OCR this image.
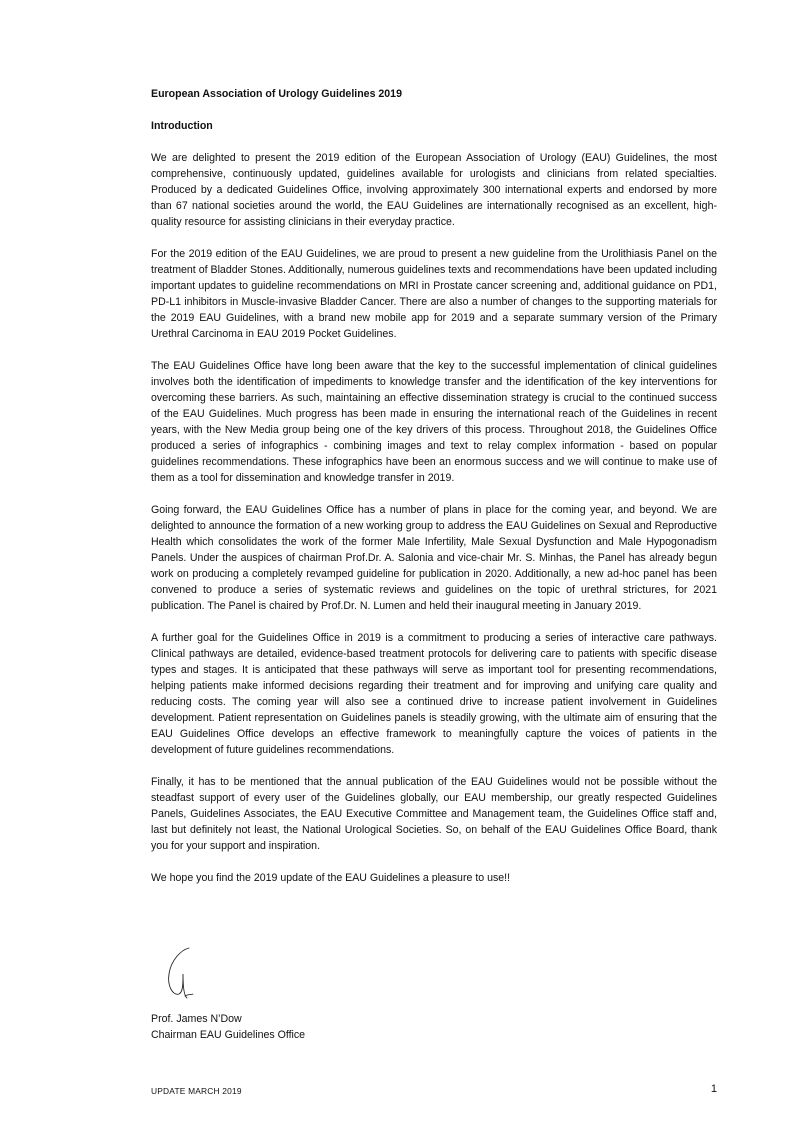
European Association of Urology Guidelines 2019
Introduction

We are delighted to present the 2019 edition of the European Association of Urology (EAU) Guidelines, the most comprehensive, continuously updated, guidelines available for urologists and clinicians from related specialties. Produced by a dedicated Guidelines Office, involving approximately 300 international experts and endorsed by more than 67 national societies around the world, the EAU Guidelines are internationally recognised as an excellent, high-quality resource for assisting clinicians in their everyday practice.

For the 2019 edition of the EAU Guidelines, we are proud to present a new guideline from the Urolithiasis Panel on the treatment of Bladder Stones. Additionally, numerous guidelines texts and recommendations have been updated including important updates to guideline recommendations on MRI in Prostate cancer screening and, additional guidance on PD1, PD-L1 inhibitors in Muscle-invasive Bladder Cancer. There are also a number of changes to the supporting materials for the 2019 EAU Guidelines, with a brand new mobile app for 2019 and a separate summary version of the Primary Urethral Carcinoma in EAU 2019 Pocket Guidelines.

The EAU Guidelines Office have long been aware that the key to the successful implementation of clinical guidelines involves both the identification of impediments to knowledge transfer and the identification of the key interventions for overcoming these barriers. As such, maintaining an effective dissemination strategy is crucial to the continued success of the EAU Guidelines. Much progress has been made in ensuring the international reach of the Guidelines in recent years, with the New Media group being one of the key drivers of this process. Throughout 2018, the Guidelines Office produced a series of infographics - combining images and text to relay complex information - based on popular guidelines recommendations. These infographics have been an enormous success and we will continue to make use of them as a tool for dissemination and knowledge transfer in 2019.

Going forward, the EAU Guidelines Office has a number of plans in place for the coming year, and beyond. We are delighted to announce the formation of a new working group to address the EAU Guidelines on Sexual and Reproductive Health which consolidates the work of the former Male Infertility, Male Sexual Dysfunction and Male Hypogonadism Panels. Under the auspices of chairman Prof.Dr. A. Salonia and vice-chair Mr. S. Minhas, the Panel has already begun work on producing a completely revamped guideline for publication in 2020. Additionally, a new ad-hoc panel has been convened to produce a series of systematic reviews and guidelines on the topic of urethral strictures, for 2021 publication. The Panel is chaired by Prof.Dr. N. Lumen and held their inaugural meeting in January 2019.

A further goal for the Guidelines Office in 2019 is a commitment to producing a series of interactive care pathways. Clinical pathways are detailed, evidence-based treatment protocols for delivering care to patients with specific disease types and stages. It is anticipated that these pathways will serve as important tool for presenting recommendations, helping patients make informed decisions regarding their treatment and for improving and unifying care quality and reducing costs. The coming year will also see a continued drive to increase patient involvement in Guidelines development. Patient representation on Guidelines panels is steadily growing, with the ultimate aim of ensuring that the EAU Guidelines Office develops an effective framework to meaningfully capture the voices of patients in the development of future guidelines recommendations.

Finally, it has to be mentioned that the annual publication of the EAU Guidelines would not be possible without the steadfast support of every user of the Guidelines globally, our EAU membership, our greatly respected Guidelines Panels, Guidelines Associates, the EAU Executive Committee and Management team, the Guidelines Office staff and, last but definitely not least, the National Urological Societies. So, on behalf of the EAU Guidelines Office Board, thank you for your support and inspiration.

We hope you find the 2019 update of the EAU Guidelines a pleasure to use!!

Prof. James N’Dow
Chairman EAU Guidelines Office
UPDATE MARCH 2019	1
